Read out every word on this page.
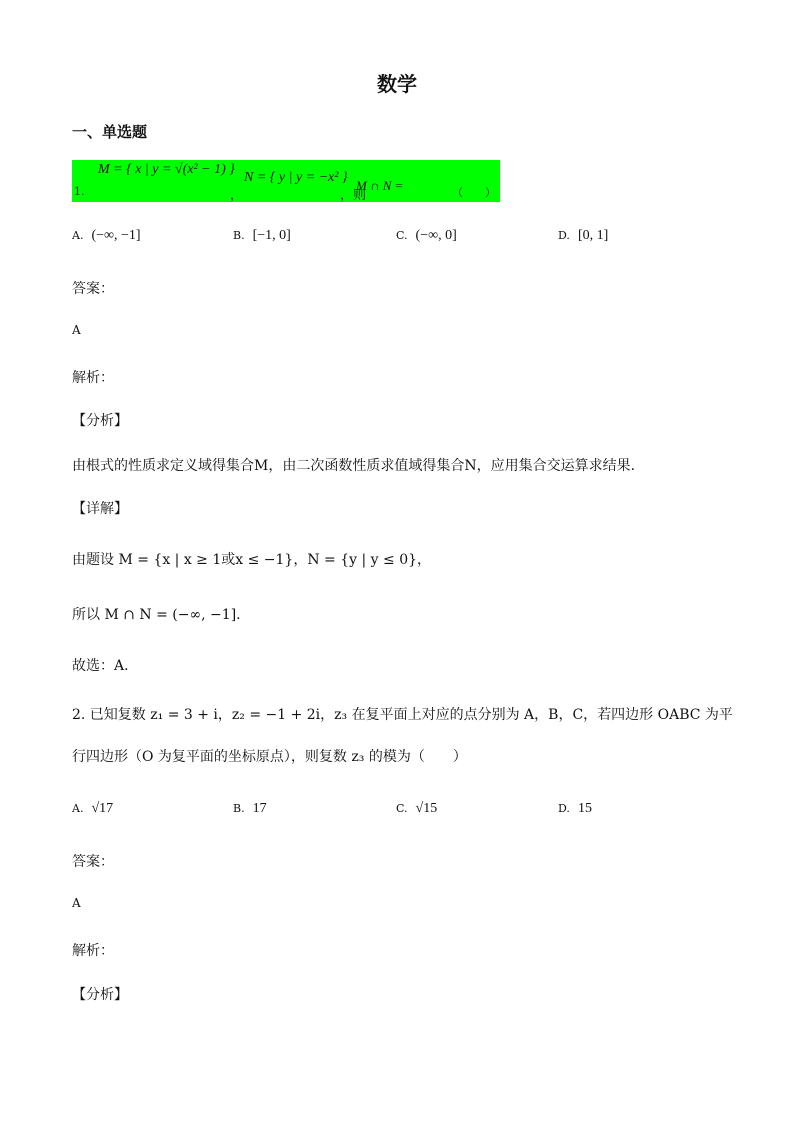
数学
一、单选题
1.
M = { x | y = √(x² − 1) }
，
N = { y | y = −x² }
，则
M ∩ N =	（　　）
A. (−∞, −1]	B. [−1, 0]	C. (−∞, 0]	D. [0, 1]
答案：
A
解析：
【分析】
由根式的性质求定义域得集合M，由二次函数性质求值域得集合N，应用集合交运算求结果.
【详解】
由题设 M = {x | x ≥ 1或x ≤ −1}，N = {y | y ≤ 0}，
所以 M ∩ N = (−∞, −1].
故选：A.
2. 已知复数 z₁ = 3 + i，z₂ = −1 + 2i，z₃ 在复平面上对应的点分别为 A，B，C，若四边形 OABC 为平
行四边形（O 为复平面的坐标原点），则复数 z₃ 的模为（　　）
A. √17	B. 17	C. √15	D. 15
答案：
A
解析：
【分析】
